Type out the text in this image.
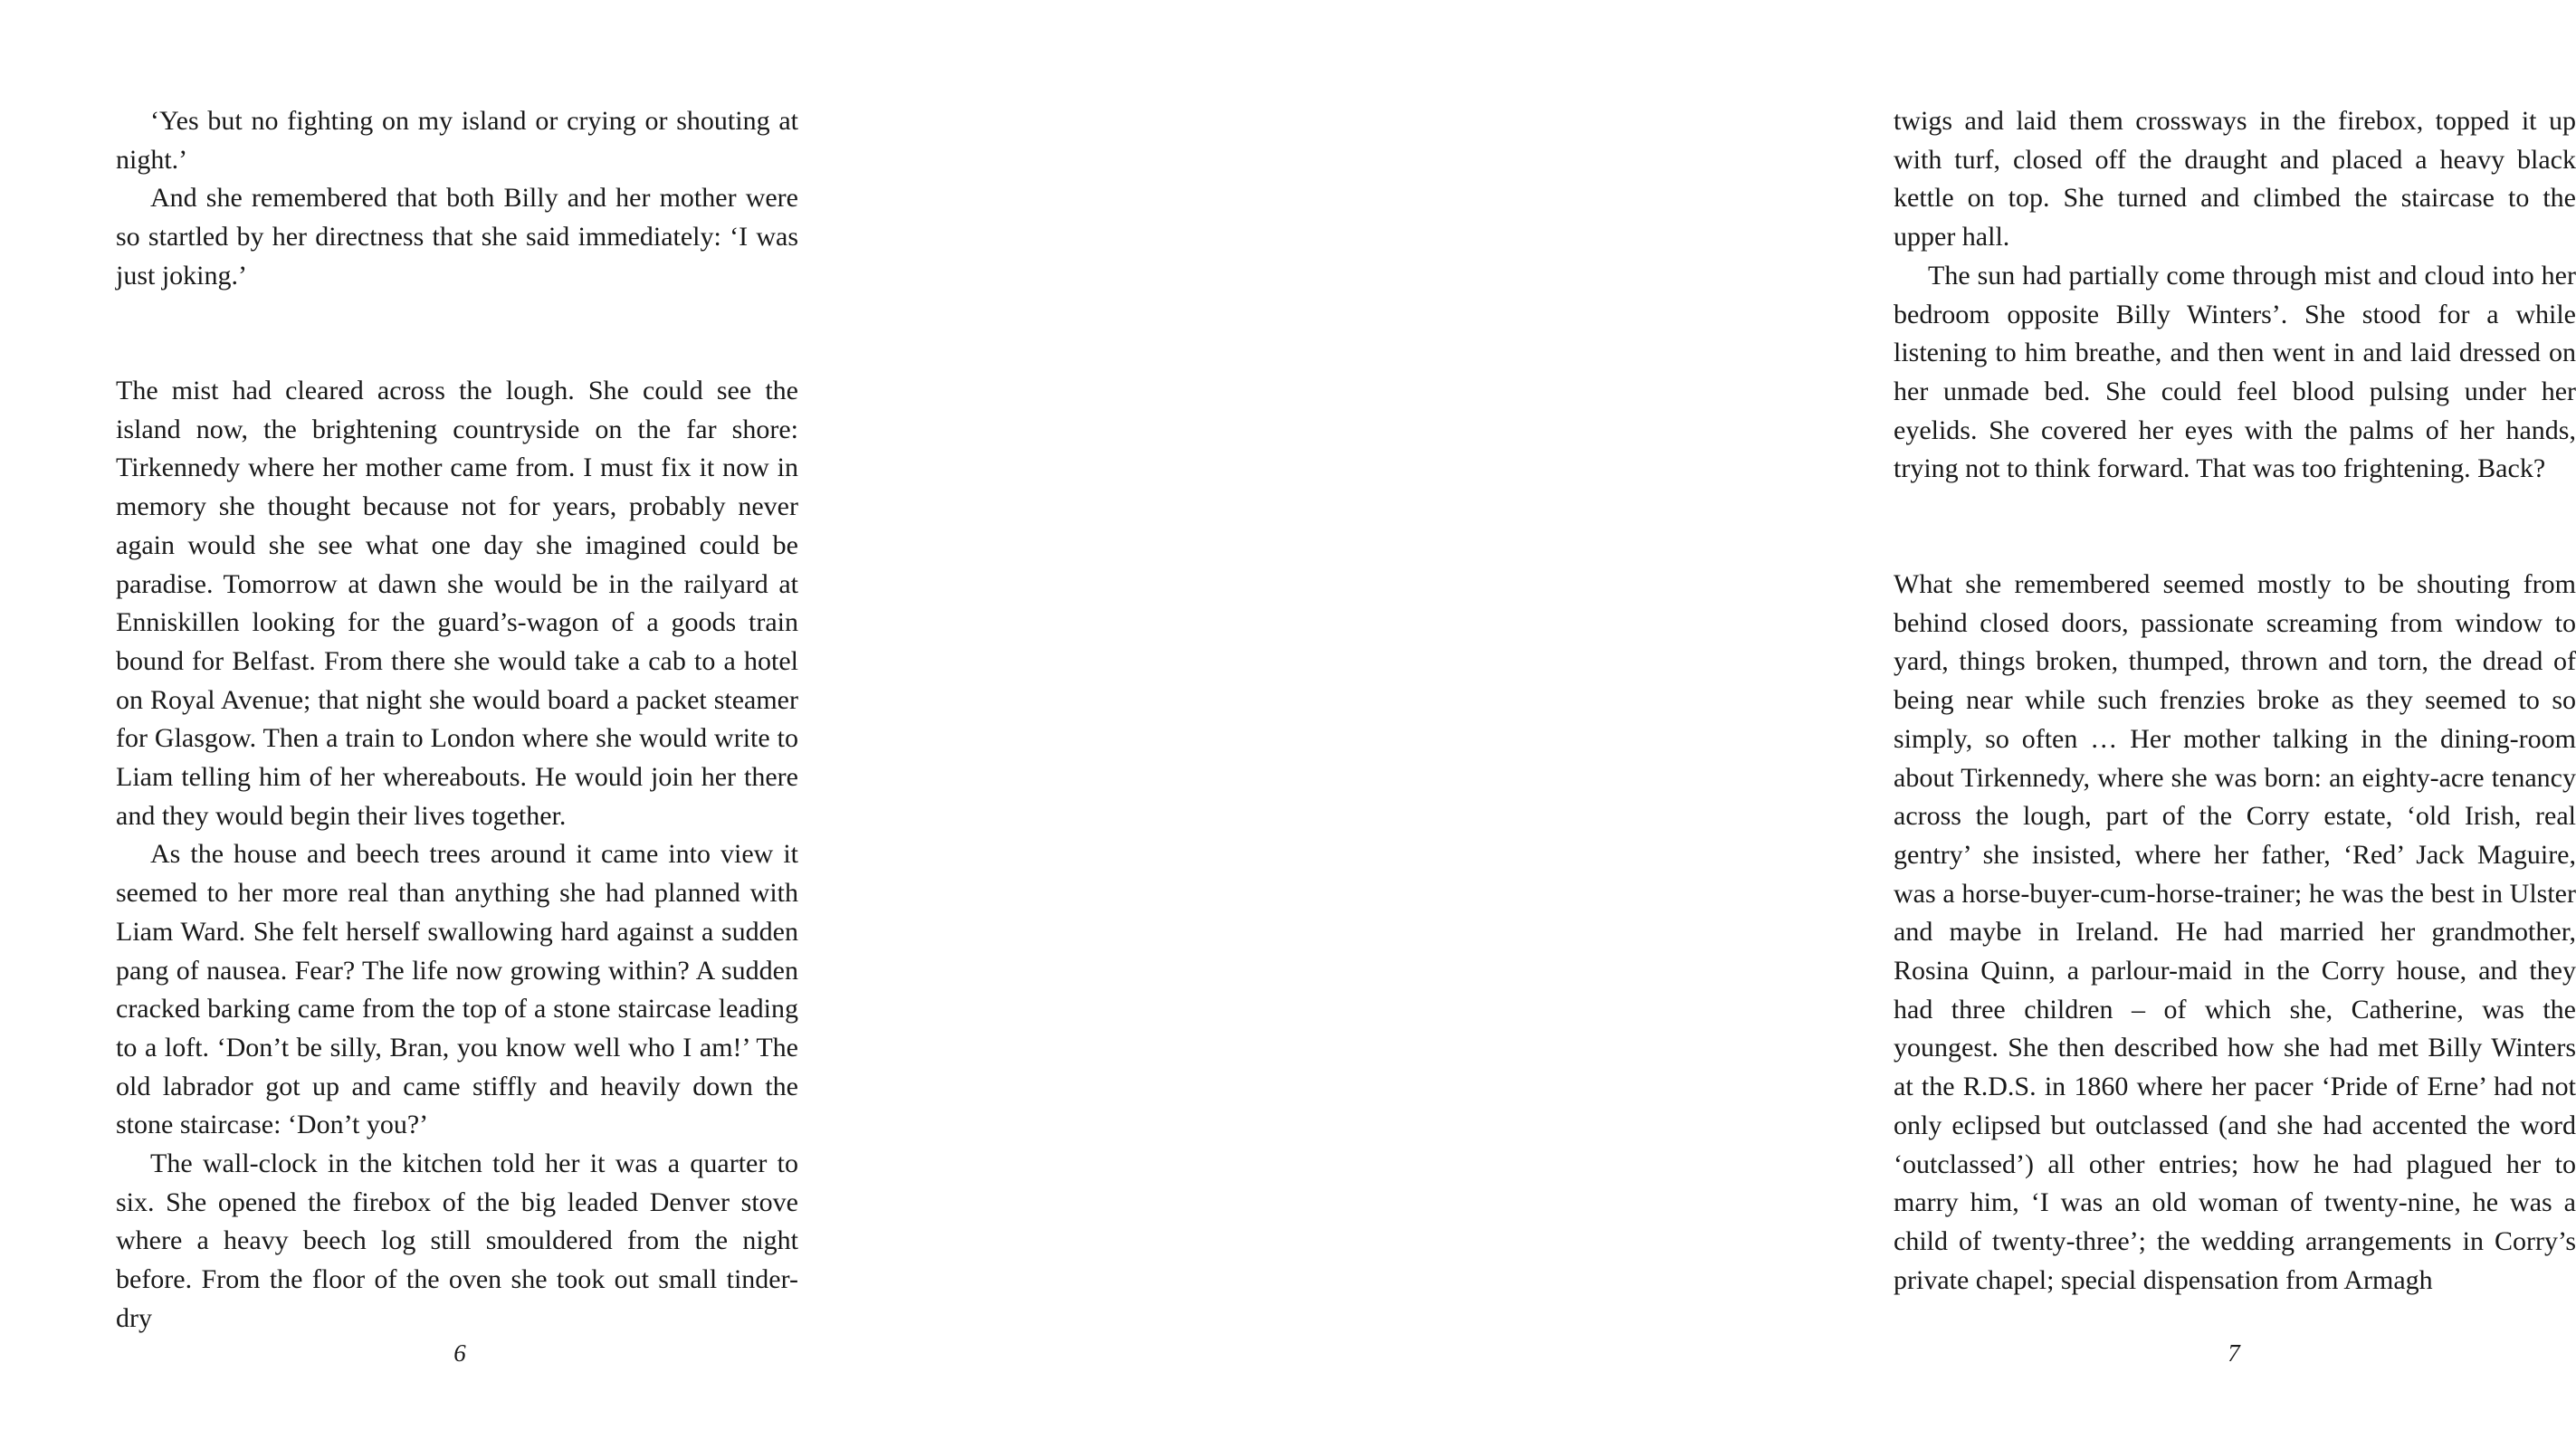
‘Yes but no fighting on my island or crying or shouting at night.’

And she remembered that both Billy and her mother were so startled by her directness that she said immediately: ‘I was just joking.’

The mist had cleared across the lough. She could see the island now, the brightening countryside on the far shore: Tirkennedy where her mother came from. I must fix it now in memory she thought because not for years, probably never again would she see what one day she imagined could be paradise. Tomorrow at dawn she would be in the railyard at Enniskillen looking for the guard’s-wagon of a goods train bound for Belfast. From there she would take a cab to a hotel on Royal Avenue; that night she would board a packet steamer for Glasgow. Then a train to London where she would write to Liam telling him of her whereabouts. He would join her there and they would begin their lives together.

As the house and beech trees around it came into view it seemed to her more real than anything she had planned with Liam Ward. She felt herself swallowing hard against a sudden pang of nausea. Fear? The life now growing within? A sudden cracked barking came from the top of a stone staircase leading to a loft. ‘Don’t be silly, Bran, you know well who I am!’ The old labrador got up and came stiffly and heavily down the stone staircase: ‘Don’t you?’

The wall-clock in the kitchen told her it was a quarter to six. She opened the firebox of the big leaded Denver stove where a heavy beech log still smouldered from the night before. From the floor of the oven she took out small tinder-dry

6

twigs and laid them crossways in the firebox, topped it up with turf, closed off the draught and placed a heavy black kettle on top. She turned and climbed the staircase to the upper hall.

The sun had partially come through mist and cloud into her bedroom opposite Billy Winters’. She stood for a while listening to him breathe, and then went in and laid dressed on her unmade bed. She could feel blood pulsing under her eyelids. She covered her eyes with the palms of her hands, trying not to think forward. That was too frightening. Back?

What she remembered seemed mostly to be shouting from behind closed doors, passionate screaming from window to yard, things broken, thumped, thrown and torn, the dread of being near while such frenzies broke as they seemed to so simply, so often … Her mother talking in the dining-room about Tirkennedy, where she was born: an eighty-acre tenancy across the lough, part of the Corry estate, ‘old Irish, real gentry’ she insisted, where her father, ‘Red’ Jack Maguire, was a horse-buyer-cum-horse-trainer; he was the best in Ulster and maybe in Ireland. He had married her grandmother, Rosina Quinn, a parlour-maid in the Corry house, and they had three children – of which she, Catherine, was the youngest. She then described how she had met Billy Winters at the R.D.S. in 1860 where her pacer ‘Pride of Erne’ had not only eclipsed but outclassed (and she had accented the word ‘outclassed’) all other entries; how he had plagued her to marry him, ‘I was an old woman of twenty-nine, he was a child of twenty-three’; the wedding arrangements in Corry’s private chapel; special dispensation from Armagh

7
